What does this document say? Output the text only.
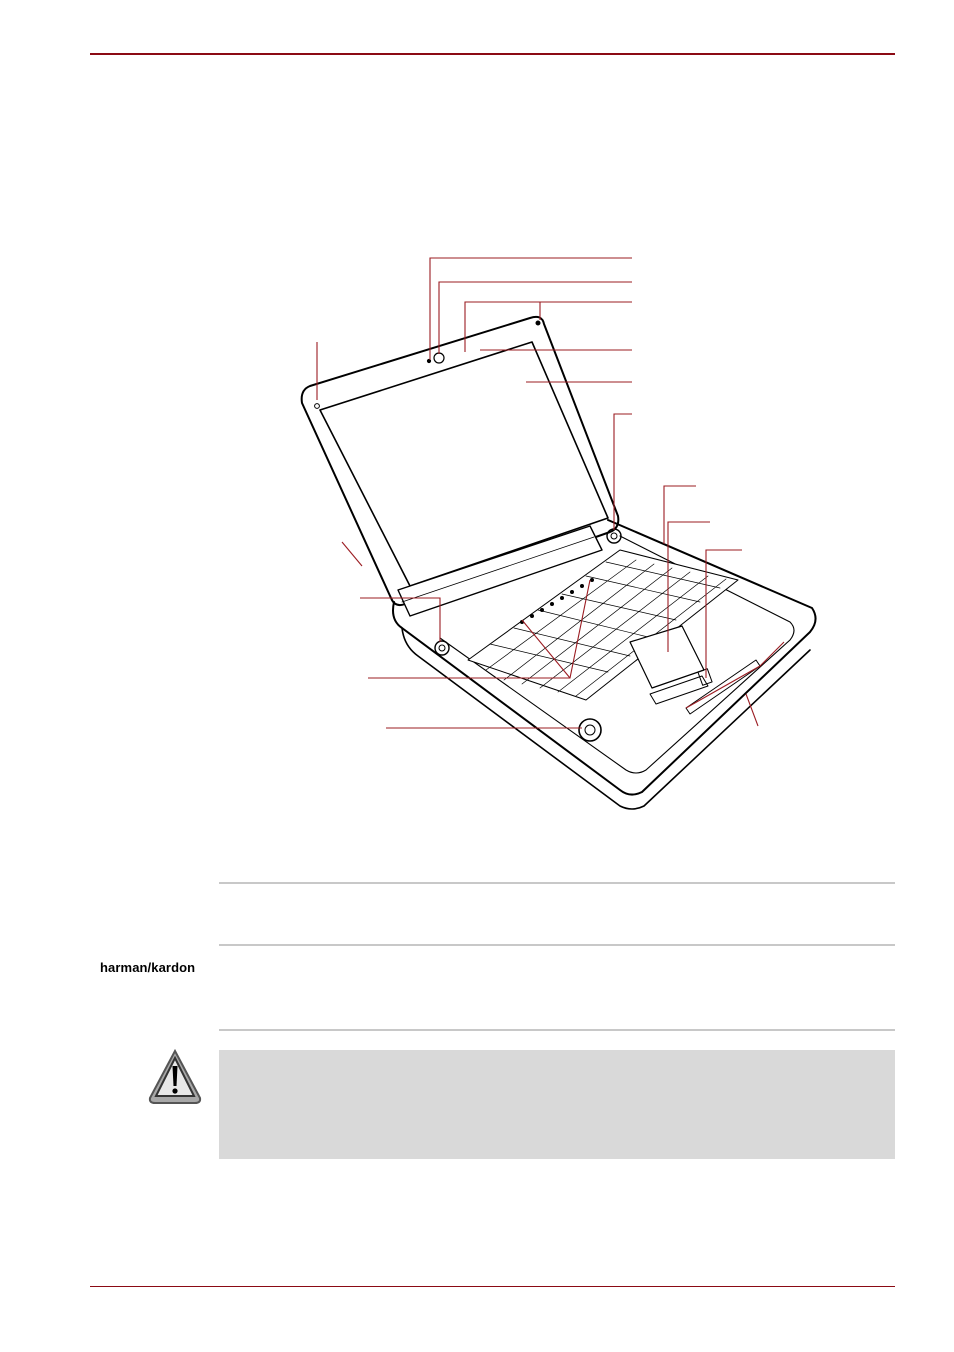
harman/kardon
